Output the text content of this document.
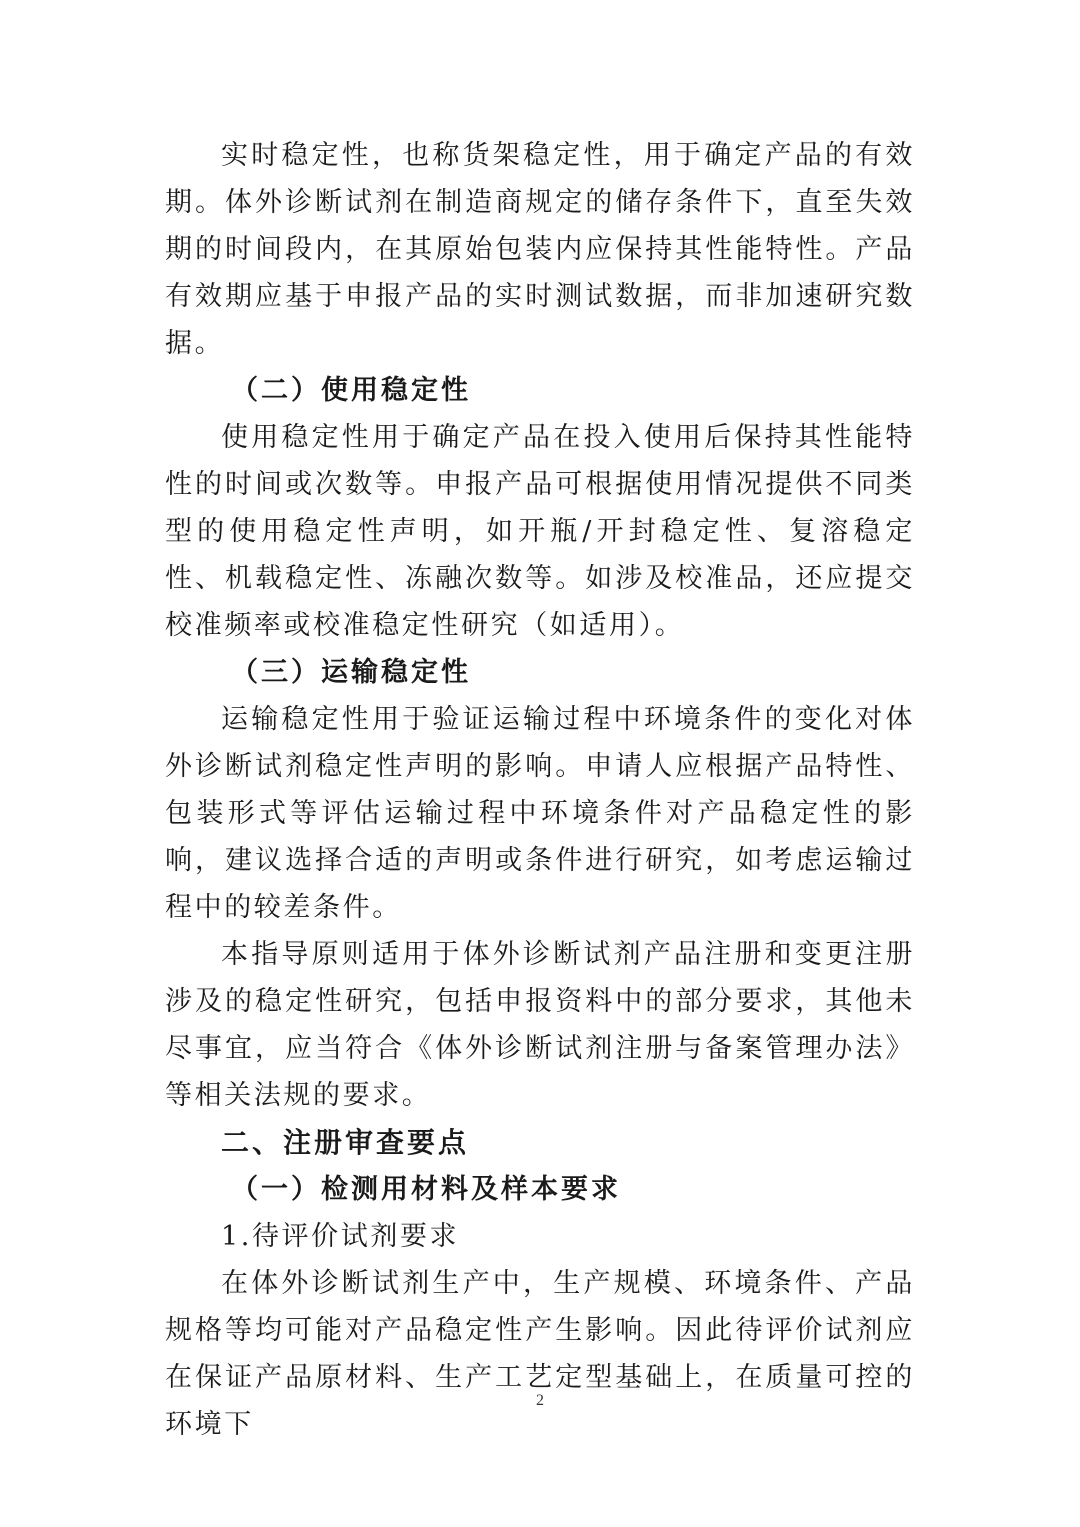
实时稳定性，也称货架稳定性，用于确定产品的有效期。体外诊断试剂在制造商规定的储存条件下，直至失效期的时间段内，在其原始包装内应保持其性能特性。产品有效期应基于申报产品的实时测试数据，而非加速研究数据。

（二）使用稳定性

使用稳定性用于确定产品在投入使用后保持其性能特性的时间或次数等。申报产品可根据使用情况提供不同类型的使用稳定性声明，如开瓶/开封稳定性、复溶稳定性、机载稳定性、冻融次数等。如涉及校准品，还应提交校准频率或校准稳定性研究（如适用）。

（三）运输稳定性

运输稳定性用于验证运输过程中环境条件的变化对体外诊断试剂稳定性声明的影响。申请人应根据产品特性、包装形式等评估运输过程中环境条件对产品稳定性的影响，建议选择合适的声明或条件进行研究，如考虑运输过程中的较差条件。

本指导原则适用于体外诊断试剂产品注册和变更注册涉及的稳定性研究，包括申报资料中的部分要求，其他未尽事宜，应当符合《体外诊断试剂注册与备案管理办法》等相关法规的要求。

二、注册审查要点

（一）检测用材料及样本要求

1.待评价试剂要求

在体外诊断试剂生产中，生产规模、环境条件、产品规格等均可能对产品稳定性产生影响。因此待评价试剂应在保证产品原材料、生产工艺定型基础上，在质量可控的环境下

2
